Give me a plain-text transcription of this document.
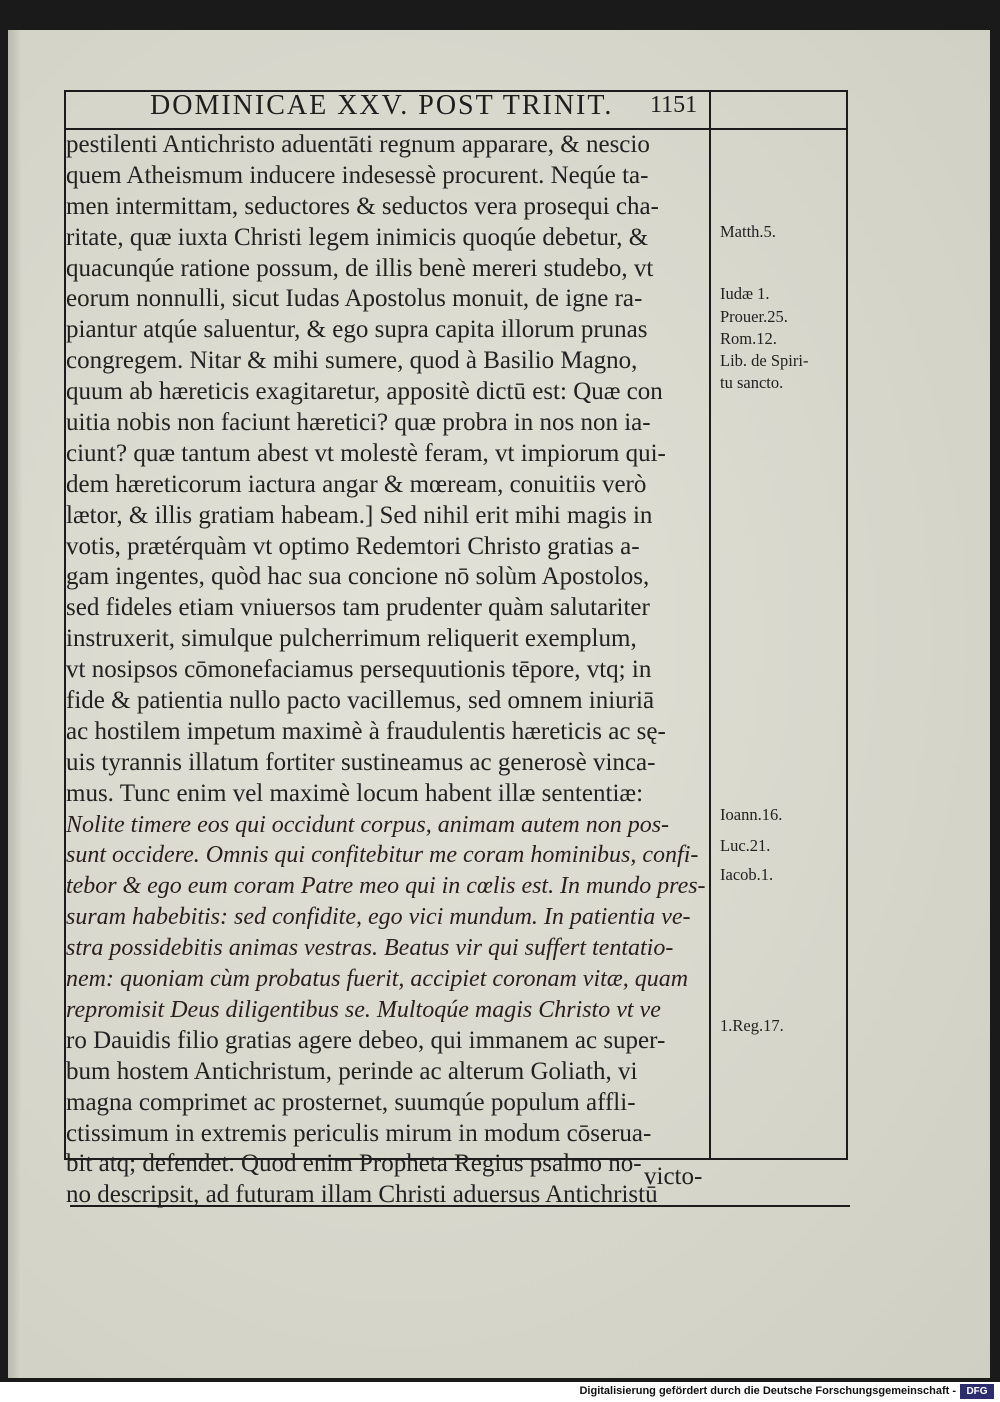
DOMINICAE XXV. POST TRINIT. 1151
pestilenti Antichristo aduentāti regnum apparare, & nescio
quem Atheismum inducere indesessè procurent. Neqúe ta-
men intermittam, seductores & seductos vera prosequi cha-
ritate, quæ iuxta Christi legem inimicis quoqúe debetur, &
quacunqúe ratione possum, de illis benè mereri studebo, vt
eorum nonnulli, sicut Iudas Apostolus monuit, de igne ra-
piantur atqúe saluentur, & ego supra capita illorum prunas
congregem. Nitar & mihi sumere, quod à Basilio Magno,
quum ab hæreticis exagitaretur, appositè dictū est: Quæ con
uitia nobis non faciunt hæretici? quæ probra in nos non ia-
ciunt? quæ tantum abest vt molestè feram, vt impiorum qui-
dem hæreticorum iactura angar & mœream, conuitiis verò
lætor, & illis gratiam habeam.] Sed nihil erit mihi magis in
votis, prætérquàm vt optimo Redemtori Christo gratias a-
gam ingentes, quòd hac sua concione nō solùm Apostolos,
sed fideles etiam vniuersos tam prudenter quàm salutariter
instruxerit, simulque pulcherrimum reliquerit exemplum,
vt nosipsos cōmonefaciamus persequutionis tēpore, vtq; in
fide & patientia nullo pacto vacillemus, sed omnem iniuriā
ac hostilem impetum maximè à fraudulentis hæreticis ac sę-
uis tyrannis illatum fortiter sustineamus ac generosè vinca-
mus. Tunc enim vel maximè locum habent illæ sententiæ:
Nolite timere eos qui occidunt corpus, animam autem non pos-
sunt occidere. Omnis qui confitebitur me coram hominibus, confi-
tebor & ego eum coram Patre meo qui in cœlis est. In mundo pres-
suram habebitis: sed confidite, ego vici mundum. In patientia ve-
stra possidebitis animas vestras. Beatus vir qui suffert tentatio-
nem: quoniam cùm probatus fuerit, accipiet coronam vitæ, quam
repromisit Deus diligentibus se. Multoqúe magis Christo vt ve
ro Dauidis filio gratias agere debeo, qui immanem ac super-
bum hostem Antichristum, perinde ac alterum Goliath, vi
magna comprimet ac prosternet, suumqúe populum affli-
ctissimum in extremis periculis mirum in modum cōserua-
bit atq; defendet. Quod enim Propheta Regius psalmo no-
no descripsit, ad futuram illam Christi aduersus Antichristū
Matth.5.
Iudæ 1.
Prouer.25.
Rom.12.
Lib. de Spiri-
tu sancto.
Ioann.16.
Luc.21.
Iacob.1.
1.Reg.17.
victo-
Digitalisierung gefördert durch die Deutsche Forschungsgemeinschaft -	DFG
